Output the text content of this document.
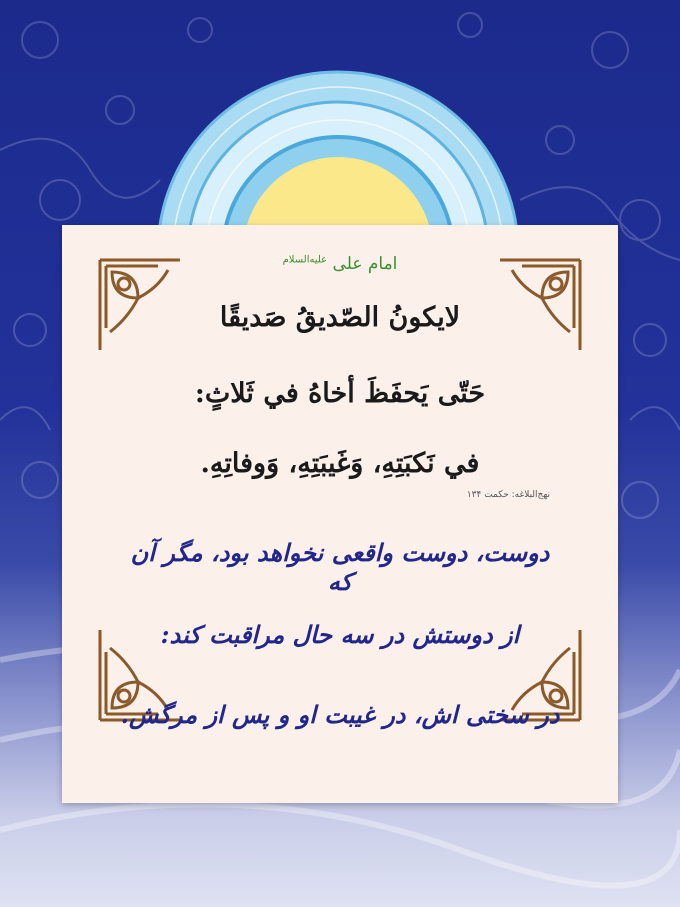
امام علی $^{علیه‌السلام}$
لايكونُ الصّديقُ صَديقًا
حَتّى يَحفَظَ أخاهُ في ثَلاثٍ:
في نَكبَتِهِ، وَغَيبَتِهِ، وَوفاتِهِ.
نهج‌البلاغه: حکمت ۱۳۴
دوست، دوست واقعی نخواهد بود، مگر آن که
از دوستش در سه حال مراقبت کند:
در سختی اش، در غیبت او و پس از مرگش.
